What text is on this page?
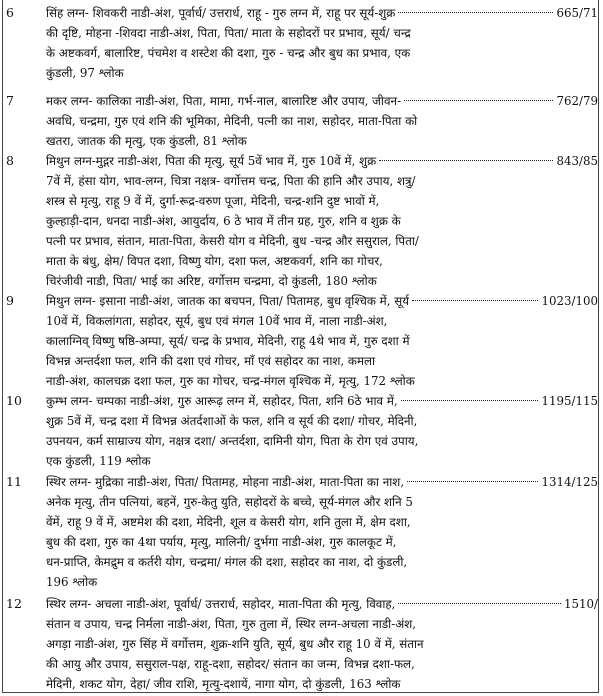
6	सिंह लग्न- शिवकरी नाडी-अंश, पूर्वार्ध/ उत्तरार्ध, राहू - गुरु लग्न में, राहू पर सूर्य-शुक्र	665/71
की दृष्टि, मोहना -शिवदा नाडी-अंश, पिता, पिता/ माता के सहोदरों पर प्रभाव, सूर्य/ चन्द्र
के अष्टकवर्ग, बालारिष्ट, पंचमेश व शस्टेश की दशा, गुरु - चन्द्र और बुध का प्रभाव, एक
कुंडली, 97 श्लोक
7	मकर लग्न- कालिका नाडी-अंश, पिता, मामा, गर्भ-नाल, बालारिष्ट और उपाय, जीवन-	762/79
अवधि, चन्द्रमा, गुरु एवं शनि की भूमिका, मेदिनी, पत्नी का नाश, सहोदर, माता-पिता को
खतरा, जातक की मृत्यु, एक कुंडली, 81 श्लोक
8	मिथुन लग्न-मुद्गर नाडी-अंश, पिता की मृत्यु, सूर्य 5वें भाव में, गुरु 10वें में, शुक्र	843/85
7वें में, हंसा योग, भाव-लग्न, चित्रा नक्षत्र- वर्गोत्तम चन्द्र, पिता की हानि और उपाय, शत्रु/
शस्त्र से मृत्यु, राहू 9 वें में, दुर्गा-रूद्र-वरुण पूजा, मेदिनी, चन्द्र-शनि दुष्ट भावों में,
कुल्हाड़ी-दान, धनदा नाडी-अंश, आयुर्दाय, 6 ठे भाव में तीन ग्रह, गुरु, शनि व शुक्र के
पत्नी पर प्रभाव, संतान, माता-पिता, केसरी योग व मेदिनी, बुध -चन्द्र और ससुराल, पिता/
माता के बंधु, क्षेम/ विपत दशा, विष्णु योग, दशा फल, अष्टकवर्ग, शनि का गोचर,
चिरंजीवी नाडी, पिता/ भाई का अरिष्ट, वर्गोत्तम चन्द्रमा, दो कुंडली, 180 श्लोक
9	मिथुन लग्न- इसाना नाडी-अंश, जातक का बचपन, पिता/ पितामह, बुध वृश्चिक में, सूर्य	1023/100
10वें में, विकलांगता, सहोदर, सूर्य, बुध एवं मंगल 10वें भाव में, नाला नाडी-अंश,
कालाग्निव् विष्णु षष्ठि-अम्पा, सूर्य/ चन्द्र के प्रभाव, मेदिनी, राहू 4थे भाव में, गुरु दशा में
विभन्न अन्तर्दशा फल, शनि की दशा एवं गोचर, माँ एवं सहोदर का नाश, कमला
नाडी-अंश, कालचक्र दशा फल, गुरु का गोचर, चन्द्र-मंगल वृश्चिक में, मृत्यु, 172 श्लोक
10 कुम्भ लग्न- चम्पका नाडी-अंश, गुरु आरूढ़ लग्न में, सहोदर, पिता, शनि 6ठे भाव में,	1195/115
शुक्र 5वें में, चन्द्र दशा में विभन्न अंतर्दशाओं के फल, शनि व सूर्य की दशा/ गोचर, मेदिनी,
उपनयन, कर्म साम्राज्य योग, नक्षत्र दशा/ अन्तर्दशा, दामिनी योग, पिता के रोग एवं उपाय,
एक कुंडली, 119 श्लोक
11 स्थिर लग्न- मुद्रिका नाडी-अंश, पिता/ पितामह, मोहना नाडी-अंश, माता-पिता का नाश,	1314/125
अनेक मृत्यु, तीन पत्नियां, बहनें, गुरु-केतु युति, सहोदरों के बच्चे, सूर्य-मंगल और शनि 5
वेंमें, राहू 9 वें में, अष्टमेश की दशा, मेदिनी, शूल व केसरी योग, शनि तुला में, क्षेम दशा,
बुध की दशा, गुरु का 4था पर्याय, मृत्यु, मालिनी/ दुर्भगा नाडी-अंश, गुरु कालकूट में,
धन-प्राप्ति, केमद्रुम व कर्तरी योग, चन्द्रमा/ मंगल की दशा, सहोदर का नाश, दो कुंडली,
196 श्लोक
12 स्थिर लग्न- अचला नाडी-अंश, पूर्वार्ध/ उत्तरार्ध, सहोदर, माता-पिता की मृत्यु, विवाह,	1510/
संतान व उपाय, चन्द्र निर्मला नाडी-अंश, पिता, गुरु तुला में, स्थिर लग्न-अचला नाडी-अंश,
अगड़ा नाडी-अंश, गुरु सिंह में वर्गोत्तम, शुक्र-शनि युति, सूर्य, बुध और राहू 10 वें में, संतान
की आयु और उपाय, ससुराल-पक्ष, राहू-दशा, सहोदर/ संतान का जन्म, विभन्न दशा-फल,
मेदिनी, शकट योग, देहा/ जीव राशि, मृत्यु-दशायें, नागा योग, दो कुंडली, 163 श्लोक
